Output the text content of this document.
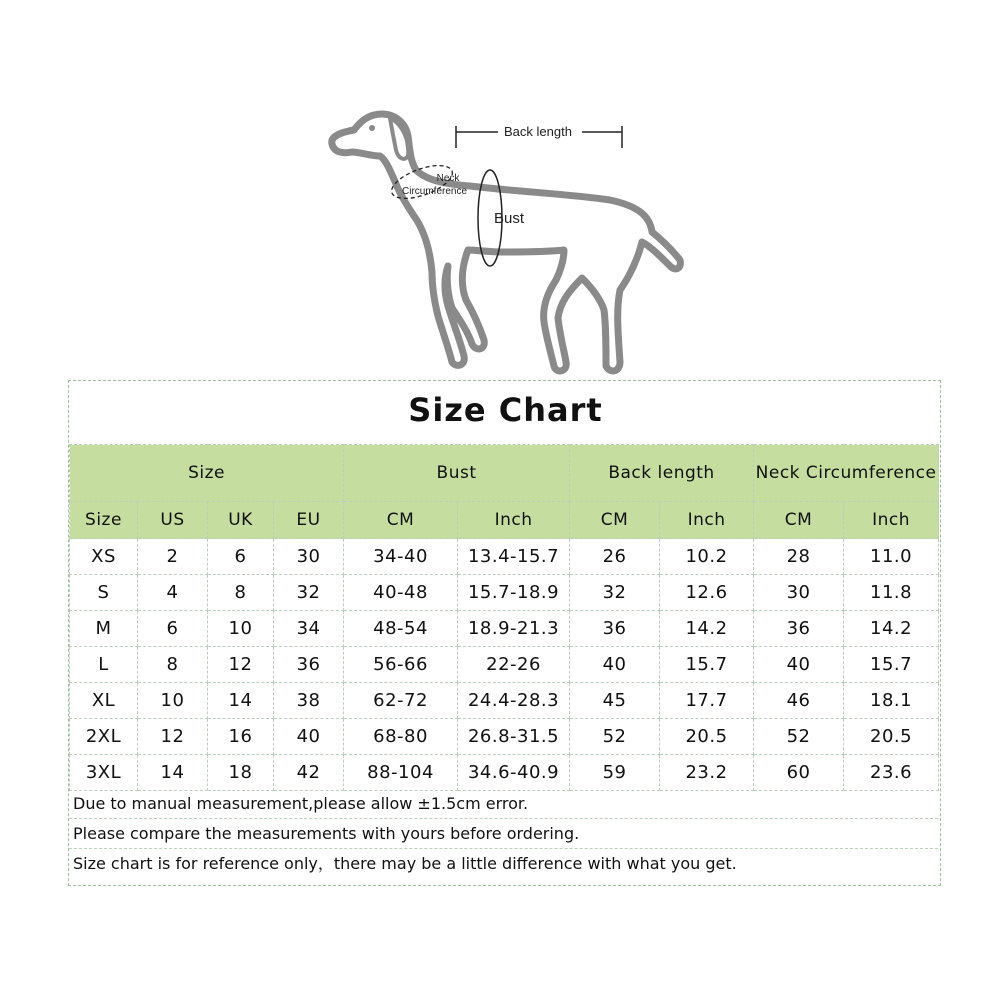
Back length
Neck
Circumference
Bust
Size Chart
Size				Bust		Back length		Neck Circumference	
Size	US	UK	EU	CM	Inch	CM	Inch	CM	Inch
XS	2	6	30	34-40	13.4-15.7	26	10.2	28	11.0
S	4	8	32	40-48	15.7-18.9	32	12.6	30	11.8
M	6	10	34	48-54	18.9-21.3	36	14.2	36	14.2
L	8	12	36	56-66	22-26	40	15.7	40	15.7
XL	10	14	38	62-72	24.4-28.3	45	17.7	46	18.1
2XL	12	16	40	68-80	26.8-31.5	52	20.5	52	20.5
3XL	14	18	42	88-104	34.6-40.9	59	23.2	60	23.6
Due to manual measurement,please allow ±1.5cm error.
Please compare the measurements with yours before ordering.
Size chart is for reference only，there may be a little difference with what you get.
